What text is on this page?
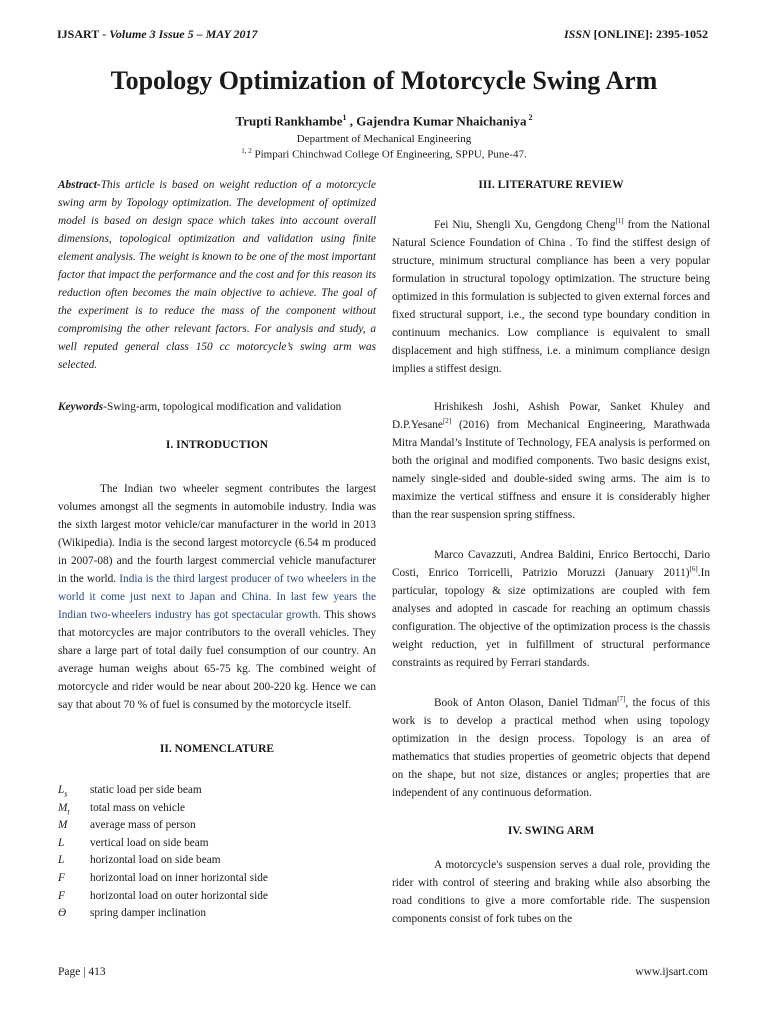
IJSART - Volume 3 Issue 5 – MAY 2017	ISSN [ONLINE]: 2395-1052
Topology Optimization of Motorcycle Swing Arm
Trupti Rankhambe$^1$ , Gajendra Kumar Nhaichaniya $^2$
Department of Mechanical Engineering
$^{1, 2}$ Pimpari Chinchwad College Of Engineering, SPPU, Pune-47.

Abstract-This article is based on weight reduction of a motorcycle swing arm by Topology optimization. The development of optimized model is based on design space which takes into account overall dimensions, topological optimization and validation using finite element analysis. The weight is known to be one of the most important factor that impact the performance and the cost and for this reason its reduction often becomes the main objective to achieve. The goal of the experiment is to reduce the mass of the component without compromising the other relevant factors. For analysis and study, a well reputed general class 150 cc motorcycle’s swing arm was selected.

Keywords-Swing-arm, topological modification and validation

I. INTRODUCTION

The Indian two wheeler segment contributes the largest volumes amongst all the segments in automobile industry. India was the sixth largest motor vehicle/car manufacturer in the world in 2013 (Wikipedia). India is the second largest motorcycle (6.54 m produced in 2007-08) and the fourth largest commercial vehicle manufacturer in the world. India is the third largest producer of two wheelers in the world it come just next to Japan and China. In last few years the Indian two-wheelers industry has got spectacular growth. This shows that motorcycles are major contributors to the overall vehicles. They share a large part of total daily fuel consumption of our country. An average human weighs about 65-75 kg. The combined weight of motorcycle and rider would be near about 200-220 kg. Hence we can say that about 70 % of fuel is consumed by the motorcycle itself.

II. NOMENCLATURE

$L_s$	static load per side beam
$M_t$	total mass on vehicle
M	average mass of person
L	vertical load on side beam
L	horizontal load on side beam
F	horizontal load on inner horizontal side
F	horizontal load on outer horizontal side
ϴ	spring damper inclination

III. LITERATURE REVIEW

Fei Niu, Shengli Xu, Gengdong Cheng[1] from the National Natural Science Foundation of China . To find the stiffest design of structure, minimum structural compliance has been a very popular formulation in structural topology optimization. The structure being optimized in this formulation is subjected to given external forces and fixed structural support, i.e., the second type boundary condition in continuum mechanics. Low compliance is equivalent to small displacement and high stiffness, i.e. a minimum compliance design implies a stiffest design.

Hrishikesh Joshi, Ashish Powar, Sanket Khuley and D.P.Yesane[2] (2016) from Mechanical Engineering, Marathwada Mitra Mandal’s Institute of Technology, FEA analysis is performed on both the original and modified components. Two basic designs exist, namely single-sided and double-sided swing arms. The aim is to maximize the vertical stiffness and ensure it is considerably higher than the rear suspension spring stiffness.

Marco Cavazzuti, Andrea Baldini, Enrico Bertocchi, Dario Costi, Enrico Torricelli, Patrizio Moruzzi (January 2011)[6].In particular, topology & size optimizations are coupled with fem analyses and adopted in cascade for reaching an optimum chassis configuration. The objective of the optimization process is the chassis weight reduction, yet in fulfillment of structural performance constraints as required by Ferrari standards.

Book of Anton Olason, Daniel Tidman[7], the focus of this work is to develop a practical method when using topology optimization in the design process. Topology is an area of mathematics that studies properties of geometric objects that depend on the shape, but not size, distances or angles; properties that are independent of any continuous deformation.

IV. SWING ARM

A motorcycle's suspension serves a dual role, providing the rider with control of steering and braking while also absorbing the road conditions to give a more comfortable ride. The suspension components consist of fork tubes on the

Page | 413	www.ijsart.com
